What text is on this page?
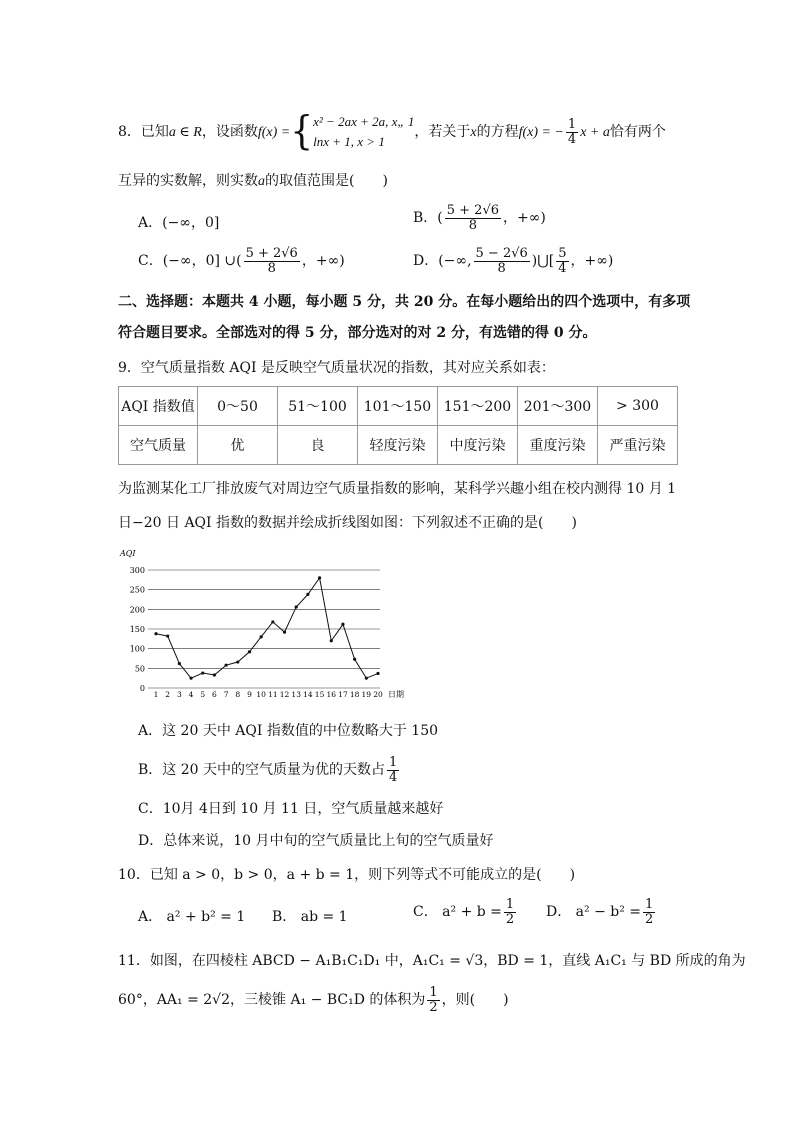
8．已知a ∈ R，设函数f(x) ={ x² − 2ax + 2a, x„ 1
lnx + 1, x > 1
，若关于x的方程f(x) = − $\frac{1}{4}$ x + a恰有两个
互异的实数解，则实数a的取值范围是(　　)
A．(−∞，0]	B．( $\frac{5 + 2√6}{8}$ ，+∞)
C．(−∞，0] ∪( $\frac{5 + 2√6}{8}$ ，+∞)	D．(−∞, $\frac{5 - 2√6}{8}$ )⋃[ $\frac{5}{4}$ ，+∞)
二、选择题：本题共 4 小题，每小题 5 分，共 20 分。在每小题给出的四个选项中，有多项
符合题目要求。全部选对的得 5 分，部分选对的对 2 分，有选错的得 0 分。
9．空气质量指数 AQI 是反映空气质量状况的指数，其对应关系如表：
AQI 指数值	0～50	51～100	101～150	151～200	201～300	> 300
空气质量	优	良	轻度污染	中度污染	重度污染	严重污染
为监测某化工厂排放废气对周边空气质量指数的影响，某科学兴趣小组在校内测得 10 月 1
日−20 日 AQI 指数的数据并绘成折线图如图：下列叙述不正确的是(　　)
0
50
100
150
200
250
300
1 2 3 4 5 6 7 8 9 10 11 12 13 14 15 16 17 18 19 20
AQI
日期
A．这 20 天中 AQI 指数值的中位数略大于 150
B．这 20 天中的空气质量为优的天数占 $\frac{1}{4}$
C．10月 4日到 10 月 11 日，空气质量越来越好
D．总体来说，10 月中旬的空气质量比上旬的空气质量好
10．已知 a > 0，b > 0，a + b = 1，则下列等式不可能成立的是(　　)
A． a² + b² = 1 B． ab = 1	C． $a^2 + b = \frac{1}{2}$ D． $a^2 - b^2 = \frac{1}{2}$
11．如图，在四棱柱 ABCD − A₁B₁C₁D₁ 中，A₁C₁ = √3，BD = 1，直线 A₁C₁ 与 BD 所成的角为
60°，AA₁ = 2√2，三棱锥 A₁ − BC₁D 的体积为 $\frac{1}{2}$ ，则(　　)
